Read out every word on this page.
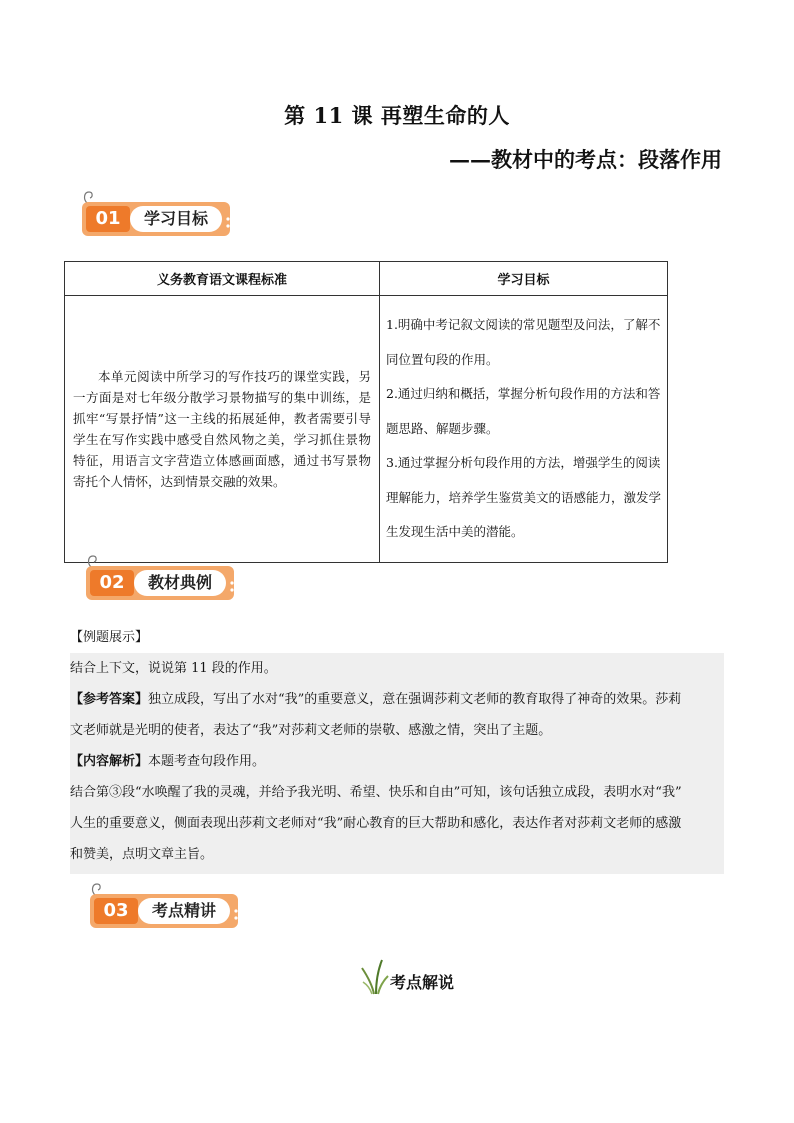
第 11 课 再塑生命的人
——教材中的考点：段落作用
01	学习目标
义务教育语文课程标准	学习目标
本单元阅读中所学习的写作技巧的课堂实践，另一方面是对七年级分散学习景物描写的集中训练，是抓牢“写景抒情”这一主线的拓展延伸，教者需要引导学生在写作实践中感受自然风物之美，学习抓住景物特征，用语言文字营造立体感画面感，通过书写景物寄托个人情怀，达到情景交融的效果。	1.明确中考记叙文阅读的常见题型及问法，了解不同位置句段的作用。
2.通过归纳和概括，掌握分析句段作用的方法和答题思路、解题步骤。
3.通过掌握分析句段作用的方法，增强学生的阅读理解能力，培养学生鉴赏美文的语感能力，激发学生发现生活中美的潜能。
02	教材典例
【例题展示】
结合上下文，说说第 11 段的作用。
【参考答案】独立成段，写出了水对“我”的重要意义，意在强调莎莉文老师的教育取得了神奇的效果。莎莉
文老师就是光明的使者，表达了“我”对莎莉文老师的崇敬、感激之情，突出了主题。
【内容解析】本题考查句段作用。
结合第③段“水唤醒了我的灵魂，并给予我光明、希望、快乐和自由”可知，该句话独立成段，表明水对“我”
人生的重要意义，侧面表现出莎莉文老师对“我”耐心教育的巨大帮助和感化，表达作者对莎莉文老师的感激
和赞美，点明文章主旨。
03	考点精讲
考点解说
